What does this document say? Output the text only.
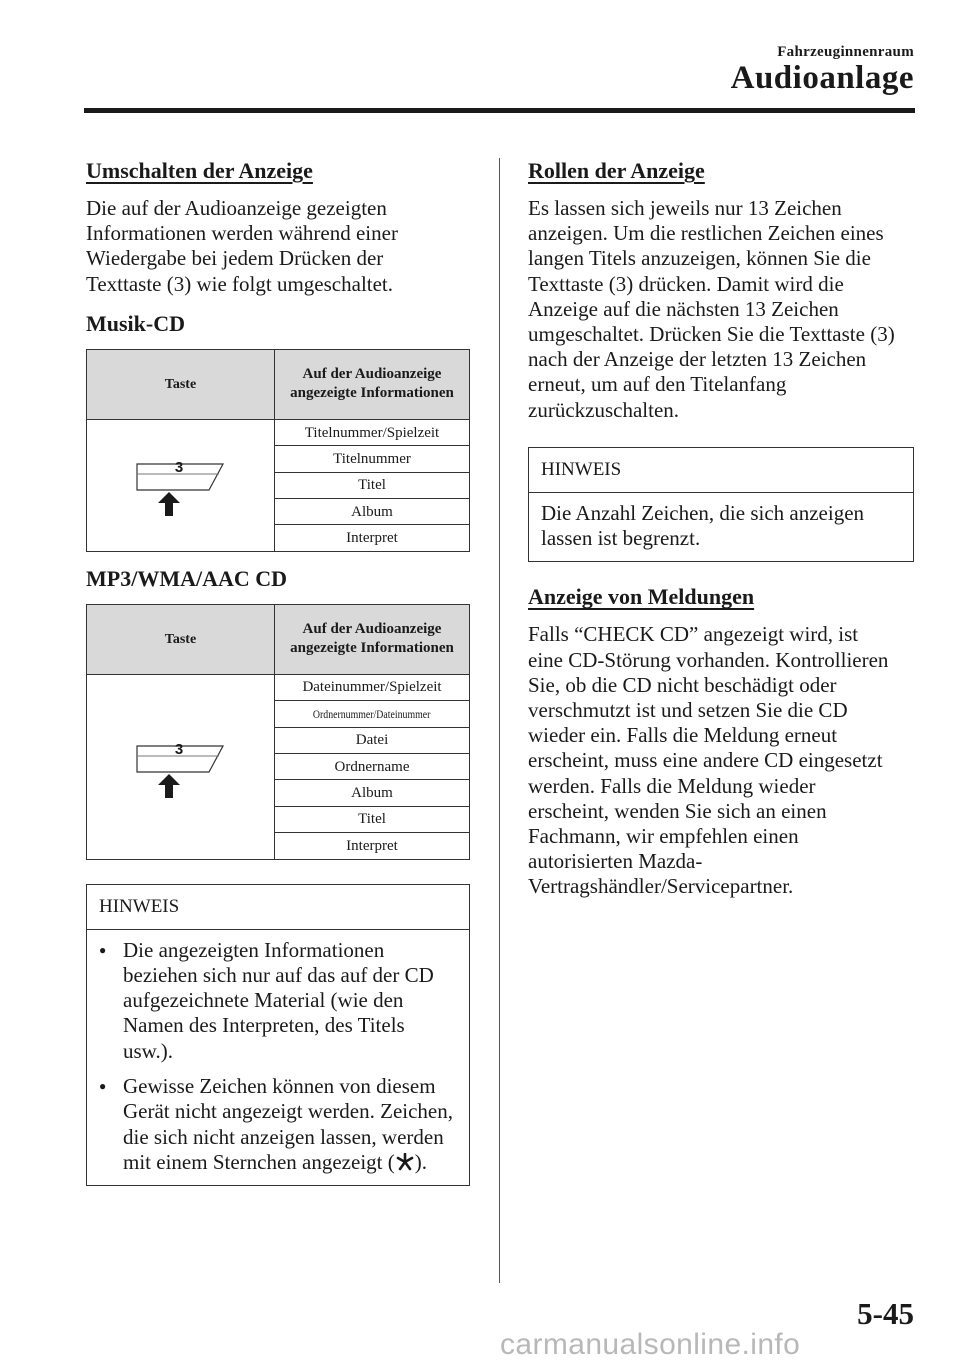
Fahrzeuginnenraum
Audioanlage
Umschalten der Anzeige

Die auf der Audioanzeige gezeigten Informationen werden während einer Wiedergabe bei jedem Drücken der Texttaste (3) wie folgt umgeschaltet.

Musik-CD
Taste	Auf der Audioanzeige angezeigte Informationen

3	Titelnummer/Spielzeit
	Titelnummer
	Titel
	Album
	Interpret
MP3/WMA/AAC CD
Taste	Auf der Audioanzeige angezeigte Informationen

3	Dateinummer/Spielzeit
	Ordnernummer/Dateinummer
	Datei
	Ordnername
	Album
	Titel
	Interpret
HINWEIS
● Die angezeigten Informationen beziehen sich nur auf das auf der CD aufgezeichnete Material (wie den Namen des Interpreten, des Titels usw.).
● Gewisse Zeichen können von diesem Gerät nicht angezeigt werden. Zeichen, die sich nicht anzeigen lassen, werden mit einem Sternchen angezeigt ( ).
Rollen der Anzeige

Es lassen sich jeweils nur 13 Zeichen anzeigen. Um die restlichen Zeichen eines langen Titels anzuzeigen, können Sie die Texttaste (3) drücken. Damit wird die Anzeige auf die nächsten 13 Zeichen umgeschaltet. Drücken Sie die Texttaste (3) nach der Anzeige der letzten 13 Zeichen erneut, um auf den Titelanfang zurückzuschalten.

HINWEIS
Die Anzahl Zeichen, die sich anzeigen lassen ist begrenzt.
Anzeige von Meldungen

Falls “CHECK CD” angezeigt wird, ist eine CD-Störung vorhanden. Kontrollieren Sie, ob die CD nicht beschädigt oder verschmutzt ist und setzen Sie die CD wieder ein. Falls die Meldung erneut erscheint, muss eine andere CD eingesetzt werden. Falls die Meldung wieder erscheint, wenden Sie sich an einen Fachmann, wir empfehlen einen autorisierten Mazda-Vertragshändler/Servicepartner.

5-45
carmanualsonline.info
